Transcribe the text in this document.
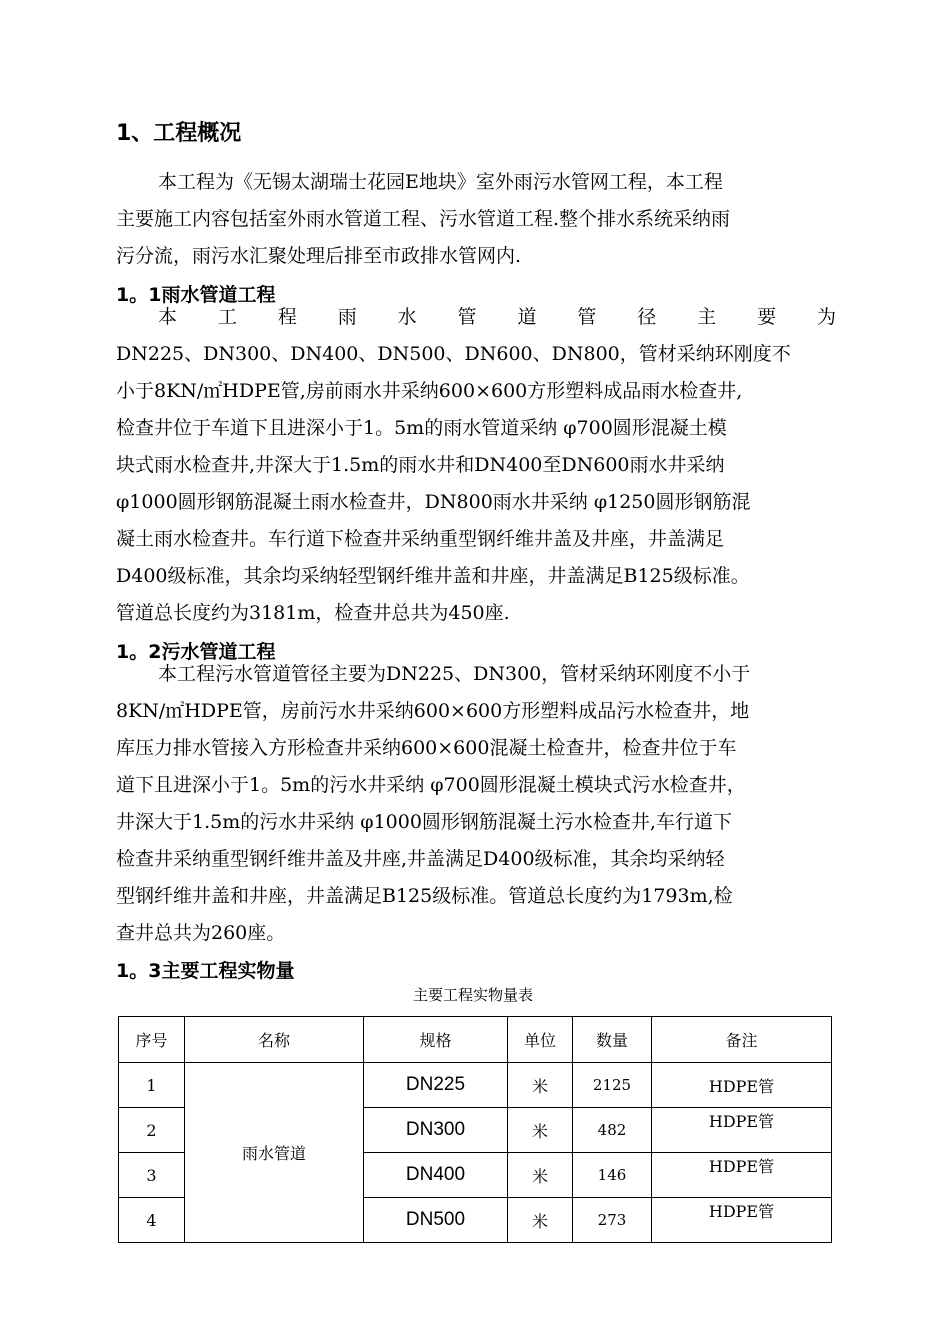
1、工程概况
本工程为《无锡太湖瑞士花园E地块》室外雨污水管网工程，本工程
主要施工内容包括室外雨水管道工程、污水管道工程.整个排水系统采纳雨
污分流，雨污水汇聚处理后排至市政排水管网内.
1。1雨水管道工程
本 工 程 雨 水 管 道 管 径 主 要 为
DN225、DN300、DN400、DN500、DN600、DN800，管材采纳环刚度不
小于8KN/㎡HDPE管,房前雨水井采纳600×600方形塑料成品雨水检查井,
检查井位于车道下且进深小于1。5m的雨水管道采纳 φ700圆形混凝土模
块式雨水检查井,井深大于1.5m的雨水井和DN400至DN600雨水井采纳
φ1000圆形钢筋混凝土雨水检查井，DN800雨水井采纳 φ1250圆形钢筋混
凝土雨水检查井。车行道下检查井采纳重型钢纤维井盖及井座，井盖满足
D400级标准，其余均采纳轻型钢纤维井盖和井座，井盖满足B125级标准。
管道总长度约为3181m，检查井总共为450座.
1。2污水管道工程
本工程污水管道管径主要为DN225、DN300，管材采纳环刚度不小于
8KN/㎡HDPE管，房前污水井采纳600×600方形塑料成品污水检查井，地
库压力排水管接入方形检查井采纳600×600混凝土检查井，检查井位于车
道下且进深小于1。5m的污水井采纳 φ700圆形混凝土模块式污水检查井，
井深大于1.5m的污水井采纳 φ1000圆形钢筋混凝土污水检查井,车行道下
检查井采纳重型钢纤维井盖及井座,井盖满足D400级标准，其余均采纳轻
型钢纤维井盖和井座，井盖满足B125级标准。管道总长度约为1793m,检
查井总共为260座。
1。3主要工程实物量
主要工程实物量表
序号	名称	规格	单位	数量	备注
1	雨水管道	DN225	米	2125	HDPE管
2		DN300	米	482	HDPE管
3		DN400	米	146	HDPE管
4		DN500	米	273	HDPE管
